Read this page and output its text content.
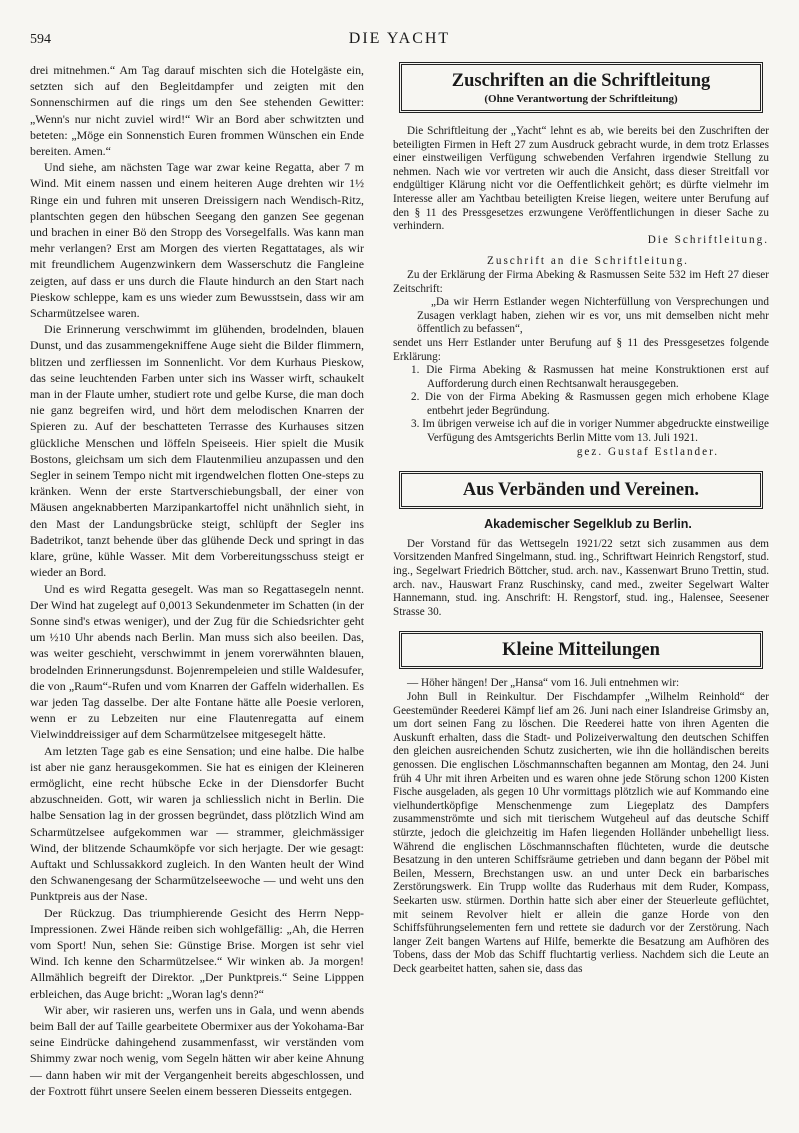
594	DIE YACHT

drei mitnehmen.“ Am Tag darauf mischten sich die Hotelgäste ein, setzten sich auf den Begleitdampfer und zeigten mit den Sonnenschirmen auf die rings um den See stehenden Gewitter: „Wenn's nur nicht zuviel wird!“ Wir an Bord aber schwitzten und beteten: „Möge ein Sonnenstich Euren frommen Wünschen ein Ende bereiten. Amen.“

Und siehe, am nächsten Tage war zwar keine Regatta, aber 7 m Wind. Mit einem nassen und einem heiteren Auge drehten wir 1½ Ringe ein und fuhren mit unseren Dreissigern nach Wendisch-Ritz, plantschten gegen den hübschen Seegang den ganzen See gegenan und brachen in einer Bö den Stropp des Vorsegelfalls. Was kann man mehr verlangen? Erst am Morgen des vierten Regattatages, als wir mit freundlichem Augenzwinkern dem Wasserschutz die Fangleine zeigten, auf dass er uns durch die Flaute hindurch an den Start nach Pieskow schleppe, kam es uns wieder zum Bewusstsein, dass wir am Scharmützelsee waren.

Die Erinnerung verschwimmt im glühenden, brodelnden, blauen Dunst, und das zusammengekniffene Auge sieht die Bilder flimmern, blitzen und zerfliessen im Sonnenlicht. Vor dem Kurhaus Pieskow, das seine leuchtenden Farben unter sich ins Wasser wirft, schaukelt man in der Flaute umher, studiert rote und gelbe Kurse, die man doch nie ganz begreifen wird, und hört dem melodischen Knarren der Spieren zu. Auf der beschatteten Terrasse des Kurhauses sitzen glückliche Menschen und löffeln Speiseeis. Hier spielt die Musik Bostons, gleichsam um sich dem Flautenmilieu anzupassen und den Segler in seinem Tempo nicht mit irgendwelchen flotten One-steps zu kränken. Wenn der erste Startverschiebungsball, der einer von Mäusen angeknabberten Marzipankartoffel nicht unähnlich sieht, in den Mast der Landungsbrücke steigt, schlüpft der Segler ins Badetrikot, tanzt behende über das glühende Deck und springt in das klare, grüne, kühle Wasser. Mit dem Vorbereitungsschuss steigt er wieder an Bord.

Und es wird Regatta gesegelt. Was man so Regattasegeln nennt. Der Wind hat zugelegt auf 0,0013 Sekundenmeter im Schatten (in der Sonne sind's etwas weniger), und der Zug für die Schiedsrichter geht um ½10 Uhr abends nach Berlin. Man muss sich also beeilen. Das, was weiter geschieht, verschwimmt in jenem vorerwähnten blauen, brodelnden Erinnerungsdunst. Bojenrempeleien und stille Waldesufer, die von „Raum“-Rufen und vom Knarren der Gaffeln widerhallen. Es war jeden Tag dasselbe. Der alte Fontane hätte alle Poesie verloren, wenn er zu Lebzeiten nur eine Flautenregatta auf einem Vielwinddreissiger auf dem Scharmützelsee mitgesegelt hätte.

Am letzten Tage gab es eine Sensation; und eine halbe. Die halbe ist aber nie ganz herausgekommen. Sie hat es einigen der Kleineren ermöglicht, eine recht hübsche Ecke in der Diensdorfer Bucht abzuschneiden. Gott, wir waren ja schliesslich nicht in Berlin. Die halbe Sensation lag in der grossen begründet, dass plötzlich Wind am Scharmützelsee aufgekommen war — strammer, gleichmässiger Wind, der blitzende Schaumköpfe vor sich herjagte. Der wie gesagt: Auftakt und Schlussakkord zugleich. In den Wanten heult der Wind den Schwanengesang der Scharmützelseewoche — und weht uns den Punktpreis aus der Nase.

Der Rückzug. Das triumphierende Gesicht des Herrn Nepp-Impressionen. Zwei Hände reiben sich wohlgefällig: „Ah, die Herren vom Sport! Nun, sehen Sie: Günstige Brise. Morgen ist sehr viel Wind. Ich kenne den Scharmützelsee.“ Wir winken ab. Ja morgen! Allmählich begreift der Direktor. „Der Punktpreis.“ Seine Lipppen erbleichen, das Auge bricht: „Woran lag's denn?“

Wir aber, wir rasieren uns, werfen uns in Gala, und wenn abends beim Ball der auf Taille gearbeitete Obermixer aus der Yokohama-Bar seine Eindrücke dahingehend zusammenfasst, wir verständen vom Shimmy zwar noch wenig, vom Segeln hätten wir aber keine Ahnung — dann haben wir mit der Vergangenheit bereits abgeschlossen, und der Foxtrott führt unsere Seelen einem besseren Diesseits entgegen.

Zuschriften an die Schriftleitung
(Ohne Verantwortung der Schriftleitung)

Die Schriftleitung der „Yacht“ lehnt es ab, wie bereits bei den Zuschriften der beteiligten Firmen in Heft 27 zum Ausdruck gebracht wurde, in dem trotz Erlasses einer einstweiligen Verfügung schwebenden Verfahren irgendwie Stellung zu nehmen. Nach wie vor vertreten wir auch die Ansicht, dass dieser Streitfall vor endgültiger Klärung nicht vor die Oeffentlichkeit gehört; es dürfte vielmehr im Interesse aller am Yachtbau beteiligten Kreise liegen, weitere unter Berufung auf den § 11 des Pressgesetzes erzwungene Veröffentlichungen in dieser Sache zu verhindern.

Die Schriftleitung.

Zuschrift an die Schriftleitung.

Zu der Erklärung der Firma Abeking & Rasmussen Seite 532 im Heft 27 dieser Zeitschrift:

„Da wir Herrn Estlander wegen Nichterfüllung von Versprechungen und Zusagen verklagt haben, ziehen wir es vor, uns mit demselben nicht mehr öffentlich zu befassen“,

sendet uns Herr Estlander unter Berufung auf § 11 des Pressgesetzes folgende Erklärung:

1. Die Firma Abeking & Rasmussen hat meine Konstruktionen erst auf Aufforderung durch einen Rechtsanwalt herausgegeben.

2. Die von der Firma Abeking & Rasmussen gegen mich erhobene Klage entbehrt jeder Begründung.

3. Im übrigen verweise ich auf die in voriger Nummer abgedruckte einstweilige Verfügung des Amtsgerichts Berlin Mitte vom 13. Juli 1921.

gez. Gustaf Estlander.

Aus Verbänden und Vereinen.

Akademischer Segelklub zu Berlin.

Der Vorstand für das Wettsegeln 1921/22 setzt sich zusammen aus dem Vorsitzenden Manfred Singelmann, stud. ing., Schriftwart Heinrich Rengstorf, stud. ing., Segelwart Friedrich Böttcher, stud. arch. nav., Kassenwart Bruno Trettin, stud. arch. nav., Hauswart Franz Ruschinsky, cand med., zweiter Segelwart Walter Hannemann, stud. ing. Anschrift: H. Rengstorf, stud. ing., Halensee, Seesener Strasse 30.

Kleine Mitteilungen

— Höher hängen! Der „Hansa“ vom 16. Juli entnehmen wir:

John Bull in Reinkultur. Der Fischdampfer „Wilhelm Reinhold“ der Geestemünder Reederei Kämpf lief am 26. Juni nach einer Islandreise Grimsby an, um dort seinen Fang zu löschen. Die Reederei hatte von ihren Agenten die Auskunft erhalten, dass die Stadt- und Polizeiverwaltung den deutschen Schiffen den gleichen ausreichenden Schutz zusicherten, wie ihn die holländischen bereits genossen. Die englischen Löschmannschaften begannen am Montag, den 24. Juni früh 4 Uhr mit ihren Arbeiten und es waren ohne jede Störung schon 1200 Kisten Fische ausgeladen, als gegen 10 Uhr vormittags plötzlich wie auf Kommando eine vielhundertköpfige Menschenmenge zum Liegeplatz des Dampfers zusammenströmte und sich mit tierischem Wutgeheul auf das deutsche Schiff stürzte, jedoch die gleichzeitig im Hafen liegenden Holländer unbehelligt liess. Während die englischen Löschmannschaften flüchteten, wurde die deutsche Besatzung in den unteren Schiffsräume getrieben und dann begann der Pöbel mit Beilen, Messern, Brechstangen usw. an und unter Deck ein barbarisches Zerstörungswerk. Ein Trupp wollte das Ruderhaus mit dem Ruder, Kompass, Seekarten usw. stürmen. Dorthin hatte sich aber einer der Steuerleute geflüchtet, mit seinem Revolver hielt er allein die ganze Horde von den Schiffsführungselementen fern und rettete sie dadurch vor der Zerstörung. Nach langer Zeit bangen Wartens auf Hilfe, bemerkte die Besatzung am Aufhören des Tobens, dass der Mob das Schiff fluchtartig verliess. Nachdem sich die Leute an Deck gearbeitet hatten, sahen sie, dass das
